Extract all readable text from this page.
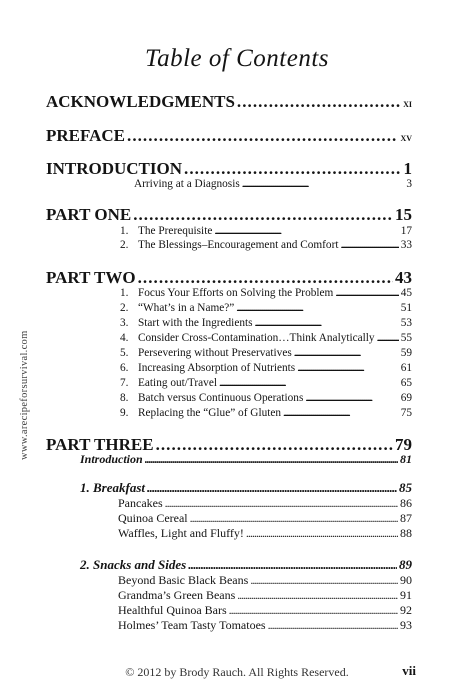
Table of Contents
www.arecipeforsurvival.com
ACKNOWLEDGMENTS . . .	xi
PREFACE . . .	xv
INTRODUCTION . . .	1
Arriving at a Diagnosis . . .	3
PART ONE . . .	15
1. The Prerequisite . . .	17
2. The Blessings–Encouragement and Comfort . . .	33
PART TWO . . .	43
1. Focus Your Efforts on Solving the Problem . . .	45
2. “What’s in a Name?” . . .	51
3. Start with the Ingredients . . .	53
4. Consider Cross-Contamination…Think Analytically . . . 55
5. Persevering without Preservatives . . .	59
6. Increasing Absorption of Nutrients . . .	61
7. Eating out/Travel . . .	65
8. Batch versus Continuous Operations . . .	69
9. Replacing the “Glue” of Gluten . . .	75
PART THREE . . .	79
Introduction . . .	81
1. Breakfast . . .	85
Pancakes . . .	86
Quinoa Cereal . . .	87
Waffles, Light and Fluffy! . . .	88
2. Snacks and Sides . . .	89
Beyond Basic Black Beans . . .	90
Grandma’s Green Beans . . .	91
Healthful Quinoa Bars . . .	92
Holmes’ Team Tasty Tomatoes . . .	93
© 2012 by Brody Rauch. All Rights Reserved.	vii
